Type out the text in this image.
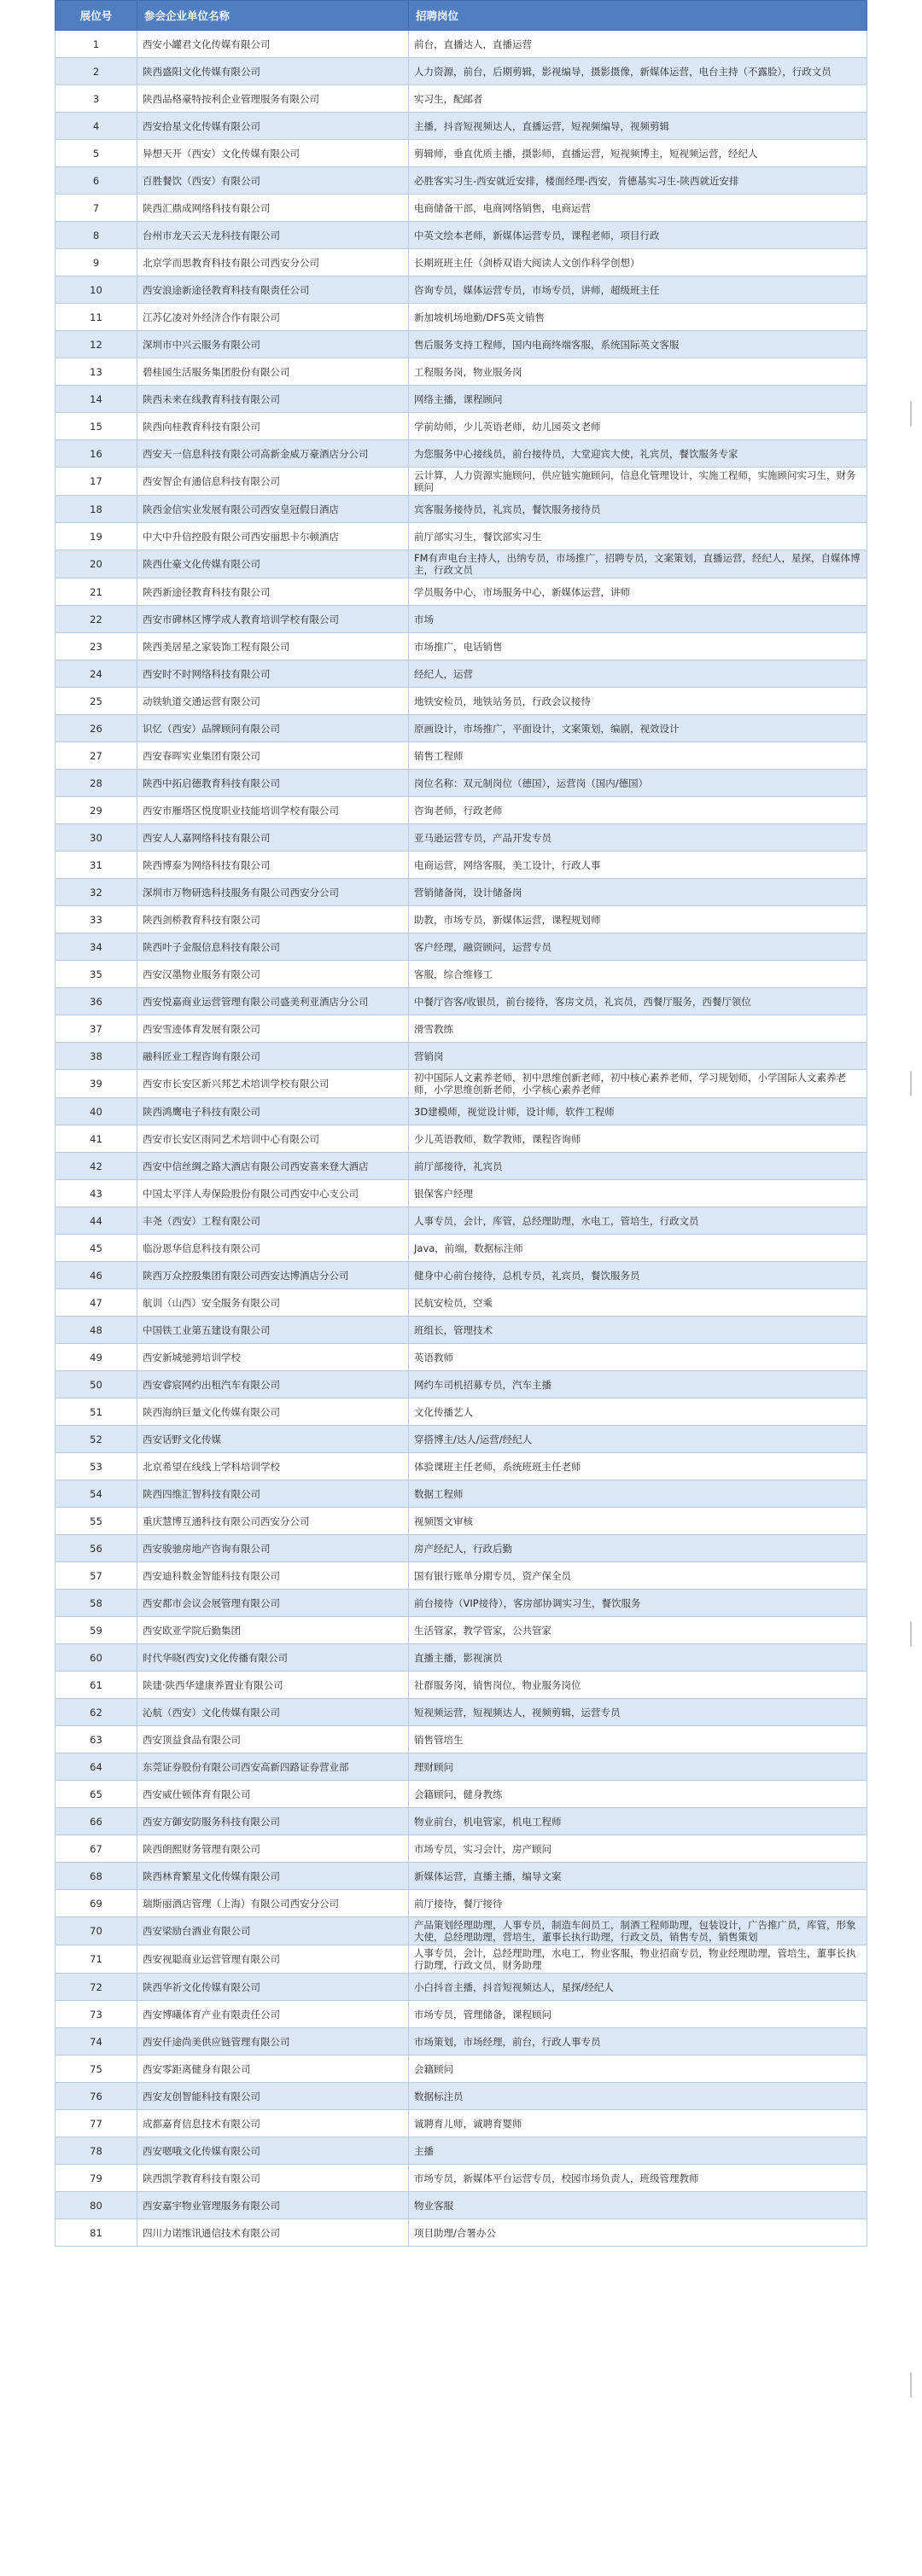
展位号	参会企业单位名称	招聘岗位
1	西安小罐君文化传媒有限公司	前台，直播达人，直播运营
2	陕西盛阳文化传媒有限公司	人力资源，前台，后期剪辑，影视编导，摄影摄像，新媒体运营，电台主持（不露脸），行政文员
3	陕西品格豪特按利企业管理服务有限公司	实习生，配邮者
4	西安拾星文化传媒有限公司	主播，抖音短视频达人，直播运营，短视频编导，视频剪辑
5	异想天开（西安）文化传媒有限公司	剪辑师，垂直优质主播，摄影师，直播运营，短视频博主，短视频运营，经纪人
6	百胜餐饮（西安）有限公司	必胜客实习生-西安就近安排，楼面经理-西安，肯德基实习生-陕西就近安排
7	陕西汇鼎成网络科技有限公司	电商储备干部，电商网络销售，电商运营
8	台州市龙天云天龙科技有限公司	中英文绘本老师，新媒体运营专员，课程老师，项目行政
9	北京学而思教育科技有限公司西安分公司	长期班班主任（剑桥双语大阅读人文创作科学创想）
10	西安浪途新途径教育科技有限责任公司	咨询专员，媒体运营专员，市场专员，讲师，超级班主任
11	江苏亿凌对外经济合作有限公司	新加坡机场地勤/DFS英文销售
12	深圳市中兴云服务有限公司	售后服务支持工程师，国内电商终端客服，系统国际英文客服
13	碧桂园生活服务集团股份有限公司	工程服务岗，物业服务岗
14	陕西未来在线教育科技有限公司	网络主播，课程顾问
15	陕西向桂教育科技有限公司	学前幼师，少儿英语老师，幼儿园英文老师
16	西安天一信息科技有限公司高新金威万豪酒店分公司	为您服务中心接线员，前台接待员，大堂迎宾大使，礼宾员，餐饮服务专家
17	西安智企有通信息科技有限公司	云计算，人力资源实施顾问，供应链实施顾问，信息化管理设计，实施工程师，实施顾问实习生，财务顾问
18	陕西金信实业发展有限公司西安皇冠假日酒店	宾客服务接待员，礼宾员，餐饮服务接待员
19	中大中升信控股有限公司西安丽思卡尔顿酒店	前厅部实习生，餐饮部实习生
20	陕西仕豪文化传媒有限公司	FM有声电台主持人，出纳专员，市场推广，招聘专员，文案策划，直播运营，经纪人，星探，自媒体博主，行政文员
21	陕西新途径教育科技有限公司	学员服务中心，市场服务中心，新媒体运营，讲师
22	西安市碑林区博学成人教育培训学校有限公司	市场
23	陕西美居星之家装饰工程有限公司	市场推广，电话销售
24	西安时不时网络科技有限公司	经纪人，运营
25	动铁轨道交通运营有限公司	地铁安检员，地铁站务员，行政会议接待
26	识忆（西安）品牌顾问有限公司	原画设计，市场推广，平面设计，文案策划，编剧，视效设计
27	西安春晖实业集团有限公司	销售工程师
28	陕西中拓启德教育科技有限公司	岗位名称：双元制岗位（德国），运营岗（国内/德国）
29	西安市雁塔区悦度职业技能培训学校有限公司	咨询老师，行政老师
30	西安人人嘉网络科技有限公司	亚马逊运营专员，产品开发专员
31	陕西博泰为网络科技有限公司	电商运营，网络客服，美工设计，行政人事
32	深圳市万物研选科技服务有限公司西安分公司	营销储备岗，设计储备岗
33	陕西剑桥教育科技有限公司	助教，市场专员，新媒体运营，课程规划师
34	陕西叶子金服信息科技有限公司	客户经理，融资顾问，运营专员
35	西安汉墨物业服务有限公司	客服，综合维修工
36	西安悦嘉商业运营管理有限公司盛美利亚酒店分公司	中餐厅咨客/收银员，前台接待，客房文员，礼宾员，西餐厅服务，西餐厅领位
37	西安雪迹体育发展有限公司	滑雪教练
38	融科匠业工程咨询有限公司	营销岗
39	西安市长安区新兴邦艺术培训学校有限公司	初中国际人文素养老师，初中思维创新老师，初中核心素养老师，学习规划师，小学国际人文素养老师，小学思维创新老师，小学核心素养老师
40	陕西鸿鹰电子科技有限公司	3D建模师，视觉设计师，设计师，软件工程师
41	西安市长安区雨同艺术培训中心有限公司	少儿英语教师，数学教师，课程咨询师
42	西安中信丝绸之路大酒店有限公司西安喜来登大酒店	前厅部接待，礼宾员
43	中国太平洋人寿保险股份有限公司西安中心支公司	银保客户经理
44	丰尧（西安）工程有限公司	人事专员，会计，库管，总经理助理，水电工，管培生，行政文员
45	临汾恩华信息科技有限公司	Java，前端，数据标注师
46	陕西万众控股集团有限公司西安达博酒店分公司	健身中心前台接待，总机专员，礼宾员，餐饮服务员
47	航训（山西）安全服务有限公司	民航安检员，空乘
48	中国铁工业第五建设有限公司	班组长，管理技术
49	西安新城驰骋培训学校	英语教师
50	西安睿宸网约出租汽车有限公司	网约车司机招募专员，汽车主播
51	陕西海纳巨量文化传媒有限公司	文化传播艺人
52	西安话野文化传媒	穿搭博主/达人/运营/经纪人
53	北京希望在线线上学科培训学校	体验课班主任老师，系统班班主任老师
54	陕西四维汇智科技有限公司	数据工程师
55	重庆慧博互通科技有限公司西安分公司	视频图文审核
56	西安骏驰房地产咨询有限公司	房产经纪人，行政后勤
57	西安迪科数金智能科技有限公司	国有银行账单分期专员，资产保全员
58	西安都市会议会展管理有限公司	前台接待（VIP接待），客房部协调实习生，餐饮服务
59	西安欧亚学院后勤集团	生活管家，教学管家，公共管家
60	时代华晓(西安)文化传播有限公司	直播主播，影视演员
61	陕建·陕西华建康养置业有限公司	社群服务岗，销售岗位，物业服务岗位
62	沁航（西安）文化传媒有限公司	短视频运营，短视频达人，视频剪辑，运营专员
63	西安顶益食品有限公司	销售管培生
64	东莞证券股份有限公司西安高新四路证券营业部	理财顾问
65	西安威仕顿体育有限公司	会籍顾问，健身教练
66	西安方御安防服务科技有限公司	物业前台，机电管家，机电工程师
67	陕西朗熙财务管理有限公司	市场专员，实习会计，房产顾问
68	陕西林育繁星文化传媒有限公司	新媒体运营，直播主播，编导文案
69	瑞斯丽酒店管理（上海）有限公司西安分公司	前厅接待，餐厅接待
70	西安梁励台酒业有限公司	产品策划经理助理，人事专员，制造车间员工，制酒工程师助理，包装设计，广告推广员，库管，形象大使，总经理助理，营培生，董事长执行助理，行政文员，销售专员，销售策划
71	西安视聪商业运营管理有限公司	人事专员，会计，总经理助理，水电工，物业客服，物业招商专员，物业经理助理，管培生，董事长执行助理，行政文员，财务助理
72	陕西华祈文化传媒有限公司	小白抖音主播，抖音短视频达人，星探/经纪人
73	西安博曦体育产业有限责任公司	市场专员，管理储备，课程顾问
74	西安仟途尚美供应链管理有限公司	市场策划，市场经理，前台，行政人事专员
75	西安零距离健身有限公司	会籍顾问
76	西安友创智能科技有限公司	数据标注员
77	成都嘉育信息技术有限公司	诚聘育儿师，诚聘育婴师
78	西安嗯哦文化传媒有限公司	主播
79	陕西凯学教育科技有限公司	市场专员，新媒体平台运营专员，校园市场负责人，班级管理教师
80	西安嘉宇物业管理服务有限公司	物业客服
81	四川力诺维讯通信技术有限公司	项目助理/合署办公
